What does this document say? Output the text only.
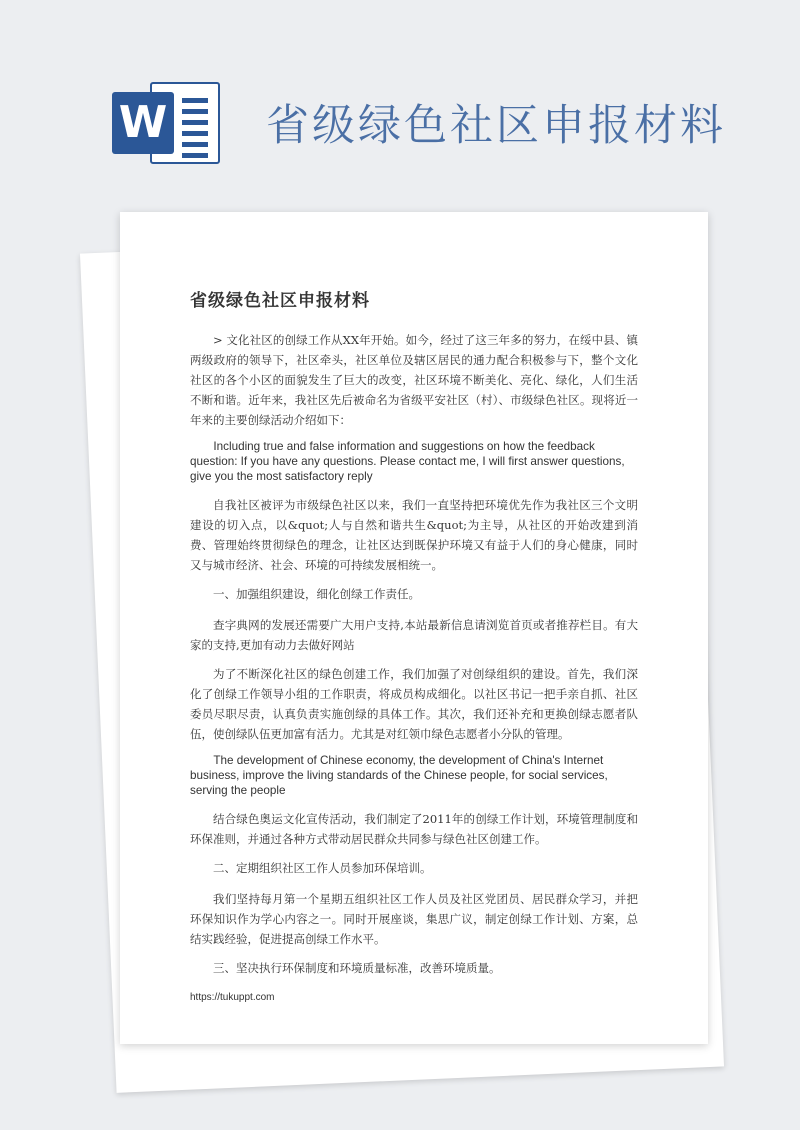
W 省级绿色社区申报材料
省级绿色社区申报材料

> 文化社区的创绿工作从XX年开始。如今，经过了这三年多的努力，在绥中县、镇两级政府的领导下，社区牵头，社区单位及辖区居民的通力配合积极参与下，整个文化社区的各个小区的面貌发生了巨大的改变，社区环境不断美化、亮化、绿化，人们生活不断和谐。近年来，我社区先后被命名为省级平安社区（村）、市级绿色社区。现将近一年来的主要创绿活动介绍如下：

Including true and false information and suggestions on how the feedback question: If you have any questions. Please contact me, I will first answer questions, give you the most satisfactory reply

自我社区被评为市级绿色社区以来，我们一直坚持把环境优先作为我社区三个文明建设的切入点，以&quot;人与自然和谐共生&quot;为主导，从社区的开始改建到消费、管理始终贯彻绿色的理念，让社区达到既保护环境又有益于人们的身心健康，同时又与城市经济、社会、环境的可持续发展相统一。

一、加强组织建设，细化创绿工作责任。

查字典网的发展还需要广大用户支持,本站最新信息请浏览首页或者推荐栏目。有大家的支持,更加有动力去做好网站

为了不断深化社区的绿色创建工作，我们加强了对创绿组织的建设。首先，我们深化了创绿工作领导小组的工作职责，将成员构成细化。以社区书记一把手亲自抓、社区委员尽职尽责，认真负责实施创绿的具体工作。其次，我们还补充和更换创绿志愿者队伍，使创绿队伍更加富有活力。尤其是对红领巾绿色志愿者小分队的管理。

The development of Chinese economy, the development of China's Internet business, improve the living standards of the Chinese people, for social services, serving the people

结合绿色奥运文化宣传活动，我们制定了2011年的创绿工作计划，环境管理制度和环保准则，并通过各种方式带动居民群众共同参与绿色社区创建工作。

二、定期组织社区工作人员参加环保培训。

我们坚持每月第一个星期五组织社区工作人员及社区党团员、居民群众学习，并把环保知识作为学心内容之一。同时开展座谈，集思广议，制定创绿工作计划、方案，总结实践经验，促进提高创绿工作水平。

三、坚决执行环保制度和环境质量标准，改善环境质量。

https://tukuppt.com
